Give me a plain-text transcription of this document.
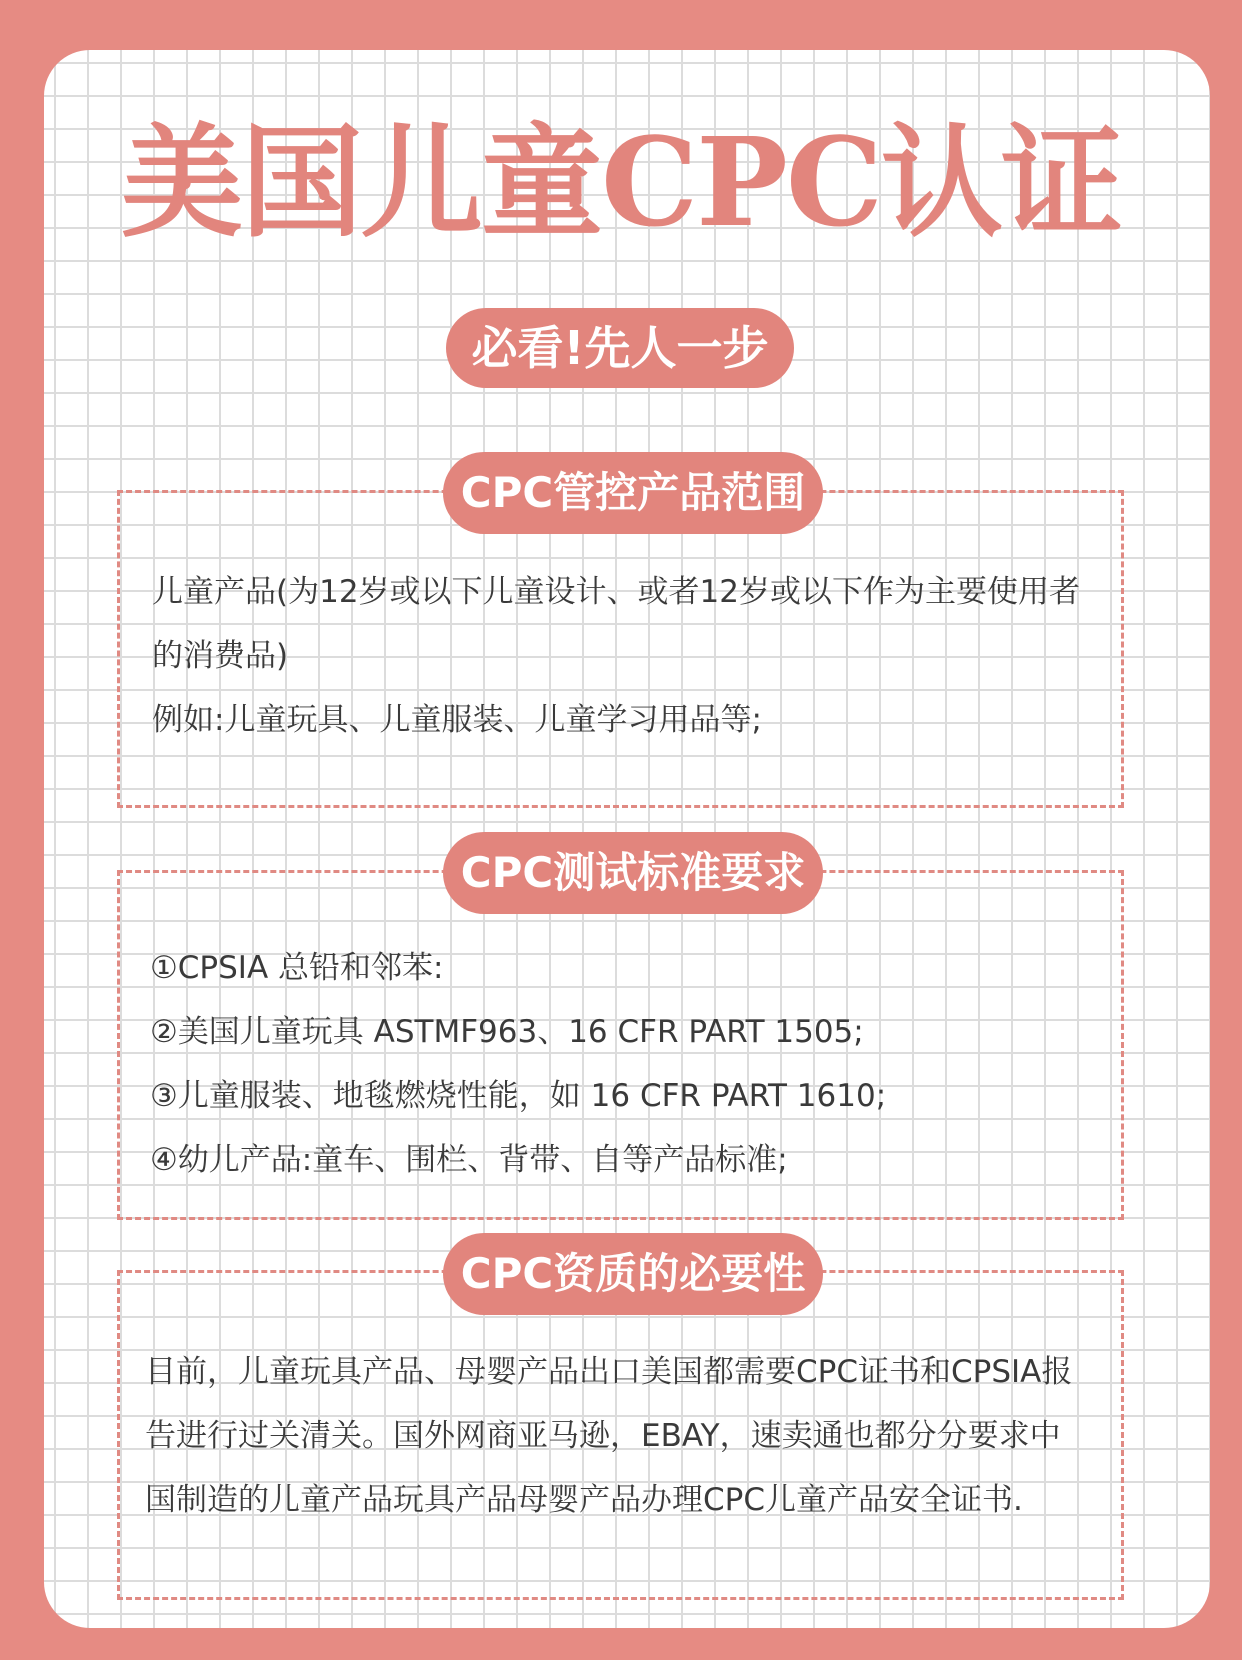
美国儿童CPC认证
必看!先人一步
CPC管控产品范围
儿童产品(为12岁或以下儿童设计、或者12岁或以下作为主要使用者
的消费品)
例如:儿童玩具、儿童服装、儿童学习用品等;
CPC测试标准要求
①CPSIA 总铅和邻苯:
②美国儿童玩具 ASTMF963、16 CFR PART 1505;
③儿童服装、地毯燃烧性能，如 16 CFR PART 1610;
④幼儿产品:童车、围栏、背带、自等产品标准;
CPC资质的必要性
目前，儿童玩具产品、母婴产品出口美国都需要CPC证书和CPSIA报
告进行过关清关。国外网商亚马逊，EBAY，速卖通也都分分要求中
国制造的儿童产品玩具产品母婴产品办理CPC儿童产品安全证书.
